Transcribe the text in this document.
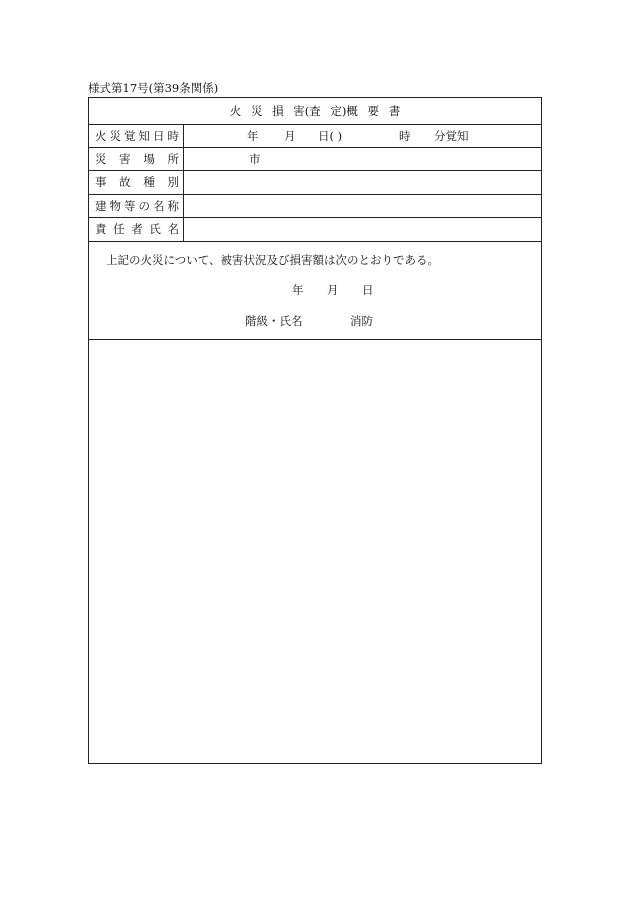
様式第17号(第39条関係)
火 災 損 害(査 定)概 要 書
火災覚知日時	年 月 日( )	時 分覚知
災害場所	市
事故種別
建物等の名称
責任者氏名
上記の火災について、被害状況及び損害額は次のとおりである。
年 月 日
階級・氏名	消防
